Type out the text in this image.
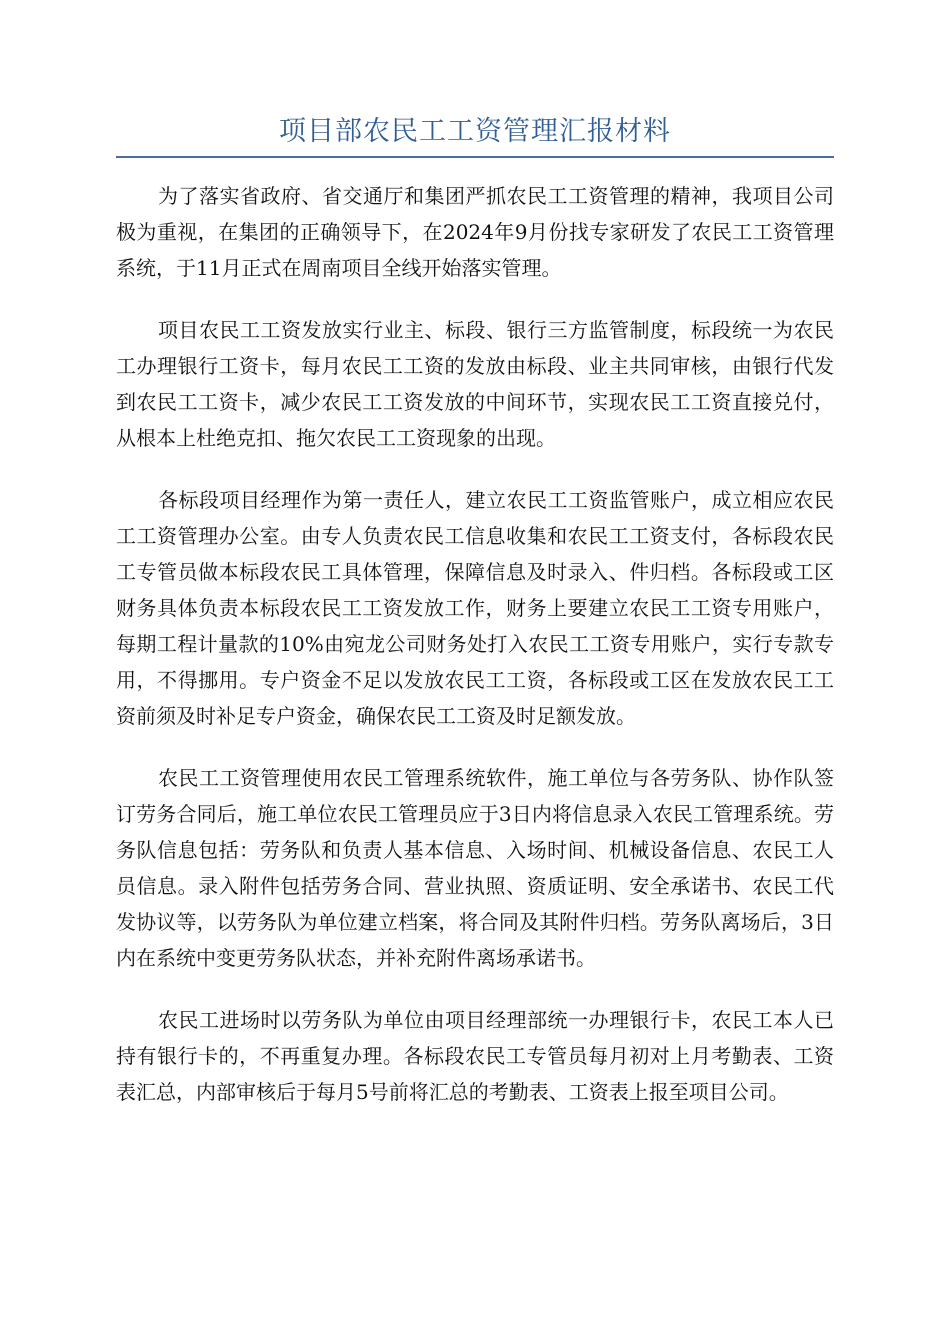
项目部农民工工资管理汇报材料

为了落实省政府、省交通厅和集团严抓农民工工资管理的精神，我项目公司极为重视，在集团的正确领导下，在2024年9月份找专家研发了农民工工资管理系统，于11月正式在周南项目全线开始落实管理。

项目农民工工资发放实行业主、标段、银行三方监管制度，标段统一为农民工办理银行工资卡，每月农民工工资的发放由标段、业主共同审核，由银行代发到农民工工资卡，减少农民工工资发放的中间环节，实现农民工工资直接兑付，从根本上杜绝克扣、拖欠农民工工资现象的出现。

各标段项目经理作为第一责任人，建立农民工工资监管账户，成立相应农民工工资管理办公室。由专人负责农民工信息收集和农民工工资支付，各标段农民工专管员做本标段农民工具体管理，保障信息及时录入、件归档。各标段或工区财务具体负责本标段农民工工资发放工作，财务上要建立农民工工资专用账户，每期工程计量款的10%由宛龙公司财务处打入农民工工资专用账户，实行专款专用，不得挪用。专户资金不足以发放农民工工资，各标段或工区在发放农民工工资前须及时补足专户资金，确保农民工工资及时足额发放。

农民工工资管理使用农民工管理系统软件，施工单位与各劳务队、协作队签订劳务合同后，施工单位农民工管理员应于3日内将信息录入农民工管理系统。劳务队信息包括：劳务队和负责人基本信息、入场时间、机械设备信息、农民工人员信息。录入附件包括劳务合同、营业执照、资质证明、安全承诺书、农民工代发协议等，以劳务队为单位建立档案，将合同及其附件归档。劳务队离场后，3日内在系统中变更劳务队状态，并补充附件离场承诺书。

农民工进场时以劳务队为单位由项目经理部统一办理银行卡，农民工本人已持有银行卡的，不再重复办理。各标段农民工专管员每月初对上月考勤表、工资表汇总，内部审核后于每月5号前将汇总的考勤表、工资表上报至项目公司。
